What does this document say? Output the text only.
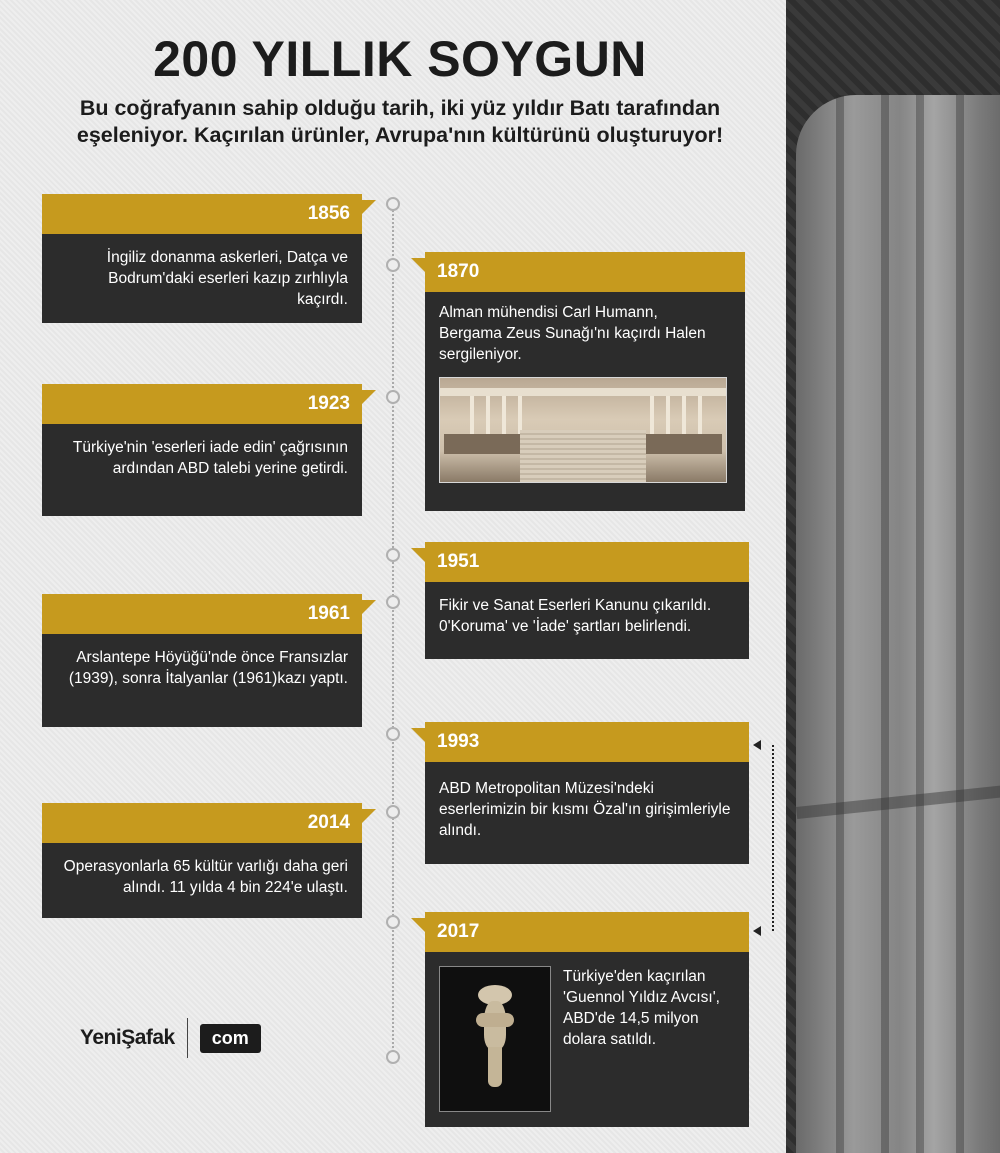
200 YILLIK SOYGUN

Bu coğrafyanın sahip olduğu tarih, iki yüz yıldır Batı tarafından eşeleniyor. Kaçırılan ürünler, Avrupa'nın kültürünü oluşturuyor!

1856
İngiliz donanma askerleri, Datça ve Bodrum'daki eserleri kazıp zırhlıyla kaçırdı.
1870
Alman mühendisi Carl Humann, Bergama Zeus Sunağı'nı kaçırdı Halen sergileniyor.
1923
Türkiye'nin 'eserleri iade edin' çağrısının ardından ABD talebi yerine getirdi.
1951
Fikir ve Sanat Eserleri Kanunu çıkarıldı. 0'Koruma' ve 'İade' şartları belirlendi.
1961
Arslantepe Höyüğü'nde önce Fransızlar (1939), sonra İtalyanlar (1961)kazı yaptı.
1993
ABD Metropolitan Müzesi'ndeki eserlerimizin bir kısmı Özal'ın girişimleriyle alındı.
2014
Operasyonlarla 65 kültür varlığı daha geri alındı. 11 yılda 4 bin 224'e ulaştı.
2017
Türkiye'den kaçırılan 'Guennol Yıldız Avcısı', ABD'de 14,5 milyon dolara satıldı.
YeniŞafak	com
